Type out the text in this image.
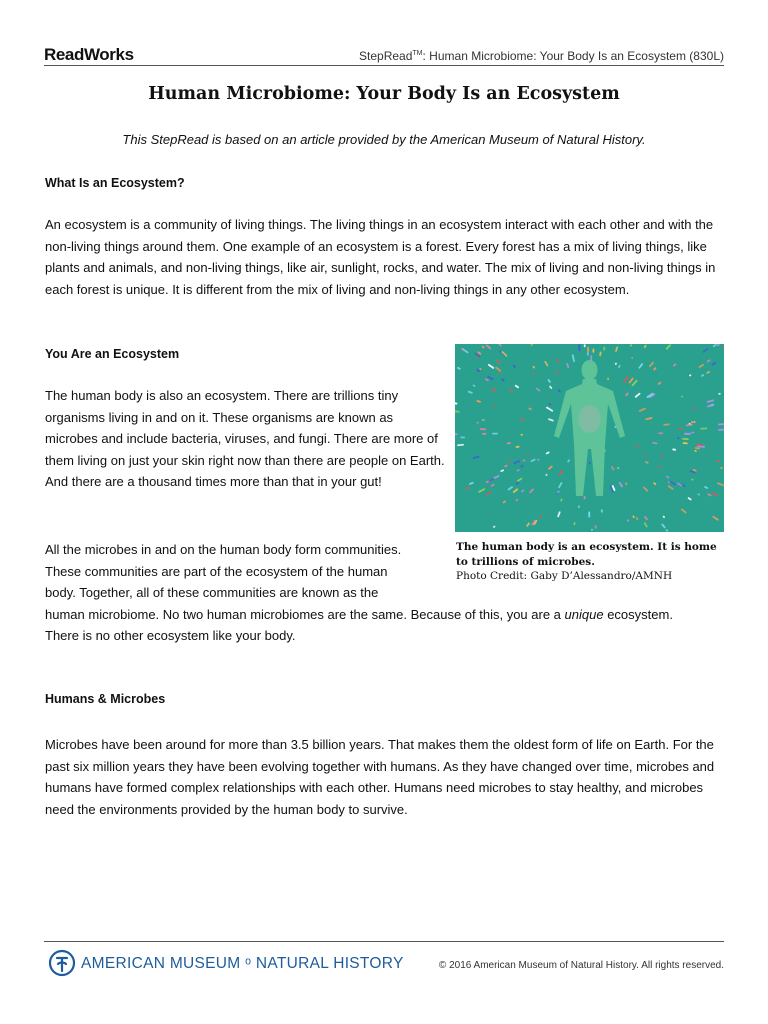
ReadWorks	StepRead™: Human Microbiome: Your Body Is an Ecosystem (830L)
Human Microbiome: Your Body Is an Ecosystem
This StepRead is based on an article provided by the American Museum of Natural History.
What Is an Ecosystem?

An ecosystem is a community of living things. The living things in an ecosystem interact with each other and with the non-living things around them. One example of an ecosystem is a forest. Every forest has a mix of living things, like plants and animals, and non-living things, like air, sunlight, rocks, and water. The mix of living and non-living things in each forest is unique. It is different from the mix of living and non-living things in any other ecosystem.

You Are an Ecosystem

The human body is also an ecosystem. There are trillions tiny organisms living in and on it. These organisms are known as microbes and include bacteria, viruses, and fungi. There are more of them living on just your skin right now than there are people on Earth. And there are a thousand times more than that in your gut!

All the microbes in and on the human body form communities.
These communities are part of the ecosystem of the human
body. Together, all of these communities are known as the
human microbiome. No two human microbiomes are the same. Because of this, you are a unique ecosystem.
There is no other ecosystem like your body.
The human body is an ecosystem. It is home to trillions of microbes.
Photo Credit: Gaby D’Alessandro/AMNH
Humans & Microbes

Microbes have been around for more than 3.5 billion years. That makes them the oldest form of life on Earth. For the past six million years they have been evolving together with humans. As they have changed over time, microbes and humans have formed complex relationships with each other. Humans need microbes to stay healthy, and microbes need the environments provided by the human body to survive.

AMERICAN MUSEUM ᵒ NATURAL HISTORY	© 2016 American Museum of Natural History. All rights reserved.
